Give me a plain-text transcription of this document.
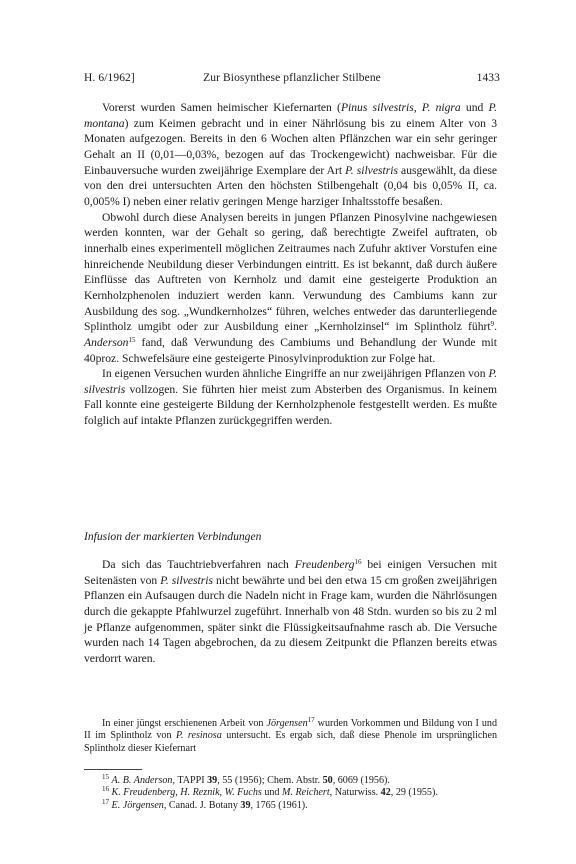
H. 6/1962]	Zur Biosynthese pflanzlicher Stilbene	1433

Vorerst wurden Samen heimischer Kiefernarten (Pinus silvestris, P. nigra und P. montana) zum Keimen gebracht und in einer Nährlösung bis zu einem Alter von 3 Monaten aufgezogen. Bereits in den 6 Wochen alten Pflänzchen war ein sehr geringer Gehalt an II (0,01—0,03%, bezogen auf das Trockengewicht) nachweisbar. Für die Einbauversuche wurden zweijährige Exemplare der Art P. silvestris ausgewählt, da diese von den drei untersuchten Arten den höchsten Stilbengehalt (0,04 bis 0,05% II, ca. 0,005% I) neben einer relativ geringen Menge harziger Inhaltsstoffe besaßen.

Obwohl durch diese Analysen bereits in jungen Pflanzen Pinosylvine nachgewiesen werden konnten, war der Gehalt so gering, daß berechtigte Zweifel auftraten, ob innerhalb eines experimentell möglichen Zeitraumes nach Zufuhr aktiver Vorstufen eine hinreichende Neubildung dieser Verbindungen eintritt. Es ist bekannt, daß durch äußere Einflüsse das Auftreten von Kernholz und damit eine gesteigerte Produktion an Kernholzphenolen induziert werden kann. Verwundung des Cambiums kann zur Ausbildung des sog. „Wundkernholzes“ führen, welches entweder das darunterliegende Splintholz umgibt oder zur Ausbildung einer „Kernholzinsel“ im Splintholz führt$^9$. Anderson$^{15}$ fand, daß Verwundung des Cambiums und Behandlung der Wunde mit 40proz. Schwefelsäure eine gesteigerte Pinosylvinproduktion zur Folge hat.

In eigenen Versuchen wurden ähnliche Eingriffe an nur zweijährigen Pflanzen von P. silvestris vollzogen. Sie führten hier meist zum Absterben des Organismus. In keinem Fall konnte eine gesteigerte Bildung der Kernholzphenole festgestellt werden. Es mußte folglich auf intakte Pflanzen zurückgegriffen werden.

Infusion der markierten Verbindungen

Da sich das Tauchtriebverfahren nach Freudenberg$^{16}$ bei einigen Versuchen mit Seitenästen von P. silvestris nicht bewährte und bei den etwa 15 cm großen zweijährigen Pflanzen ein Aufsaugen durch die Nadeln nicht in Frage kam, wurden die Nährlösungen durch die gekappte Pfahlwurzel zugeführt. Innerhalb von 48 Stdn. wurden so bis zu 2 ml je Pflanze aufgenommen, später sinkt die Flüssigkeitsaufnahme rasch ab. Die Versuche wurden nach 14 Tagen abgebrochen, da zu diesem Zeitpunkt die Pflanzen bereits etwas verdorrt waren.

In einer jüngst erschienenen Arbeit von Jörgensen$^{17}$ wurden Vorkommen und Bildung von I und II im Splintholz von P. resinosa untersucht. Es ergab sich, daß diese Phenole im ursprünglichen Splintholz dieser Kiefernart

$^{15}$ A. B. Anderson, TAPPI 39, 55 (1956); Chem. Abstr. 50, 6069 (1956).

$^{16}$ K. Freudenberg, H. Reznik, W. Fuchs und M. Reichert, Naturwiss. 42, 29 (1955).

$^{17}$ E. Jörgensen, Canad. J. Botany 39, 1765 (1961).
